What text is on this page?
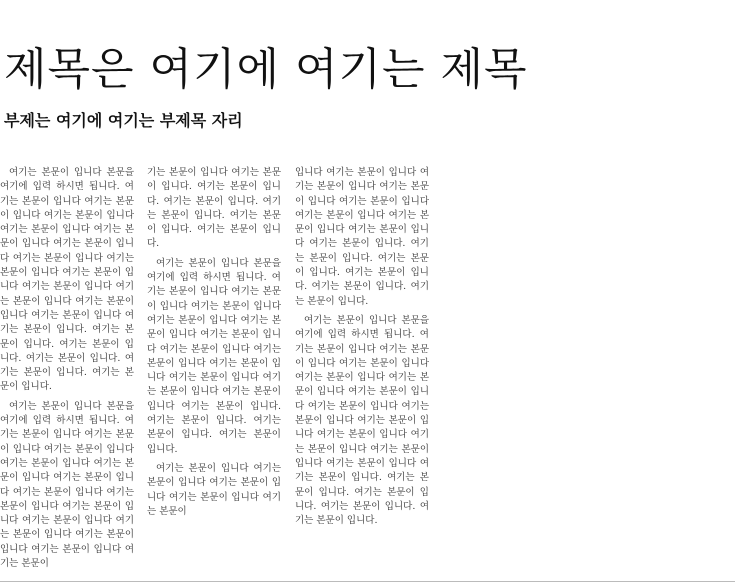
제목은 여기에 여기는 제목
부제는 여기에 여기는 부제목 자리

여기는 본문이 입니다 본문을 여기에 입력 하시면 됩니다. 여기는 본문이 입니다 여기는 본문이 입니다 여기는 본문이 입니다 여기는 본문이 입니다 여기는 본문이 입니다 여기는 본문이 입니다 여기는 본문이 입니다 여기는 본문이 입니다 여기는 본문이 입니다 여기는 본문이 입니다 여기는 본문이 입니다 여기는 본문이 입니다 여기는 본문이 입니다 여기는 본문이 입니다. 여기는 본문이 입니다. 여기는 본문이 입니다. 여기는 본문이 입니다. 여기는 본문이 입니다. 여기는 본문이 입니다.

여기는 본문이 입니다 본문을 여기에 입력 하시면 됩니다. 여기는 본문이 입니다 여기는 본문이 입니다 여기는 본문이 입니다 여기는 본문이 입니다 여기는 본문이 입니다 여기는 본문이 입니다 여기는 본문이 입니다 여기는 본문이 입니다 여기는 본문이 입니다 여기는 본문이 입니다 여기는 본문이 입니다 여기는 본문이 입니다 여기는 본문이 입니다 여기는 본문이

기는 본문이 입니다 여기는 본문이 입니다. 여기는 본문이 입니다. 여기는 본문이 입니다. 여기는 본문이 입니다. 여기는 본문이 입니다. 여기는 본문이 입니다.

여기는 본문이 입니다 본문을 여기에 입력 하시면 됩니다. 여기는 본문이 입니다 여기는 본문이 입니다 여기는 본문이 입니다 여기는 본문이 입니다 여기는 본문이 입니다 여기는 본문이 입니다 여기는 본문이 입니다 여기는 본문이 입니다 여기는 본문이 입니다 여기는 본문이 입니다 여기는 본문이 입니다 여기는 본문이 입니다 여기는 본문이 입니다. 여기는 본문이 입니다. 여기는 본문이 입니다. 여기는 본문이 입니다.

여기는 본문이 입니다 여기는 본문이 입니다 여기는 본문이 입니다 여기는 본문이 입니다 여기는 본문이

입니다 여기는 본문이 입니다 여기는 본문이 입니다 여기는 본문이 입니다 여기는 본문이 입니다 여기는 본문이 입니다 여기는 본문이 입니다 여기는 본문이 입니다 여기는 본문이 입니다. 여기는 본문이 입니다. 여기는 본문이 입니다. 여기는 본문이 입니다. 여기는 본문이 입니다. 여기는 본문이 입니다.

여기는 본문이 입니다 본문을 여기에 입력 하시면 됩니다. 여기는 본문이 입니다 여기는 본문이 입니다 여기는 본문이 입니다 여기는 본문이 입니다 여기는 본문이 입니다 여기는 본문이 입니다 여기는 본문이 입니다 여기는 본문이 입니다 여기는 본문이 입니다 여기는 본문이 입니다 여기는 본문이 입니다 여기는 본문이 입니다 여기는 본문이 입니다 여기는 본문이 입니다. 여기는 본문이 입니다. 여기는 본문이 입니다. 여기는 본문이 입니다. 여기는 본문이 입니다.
